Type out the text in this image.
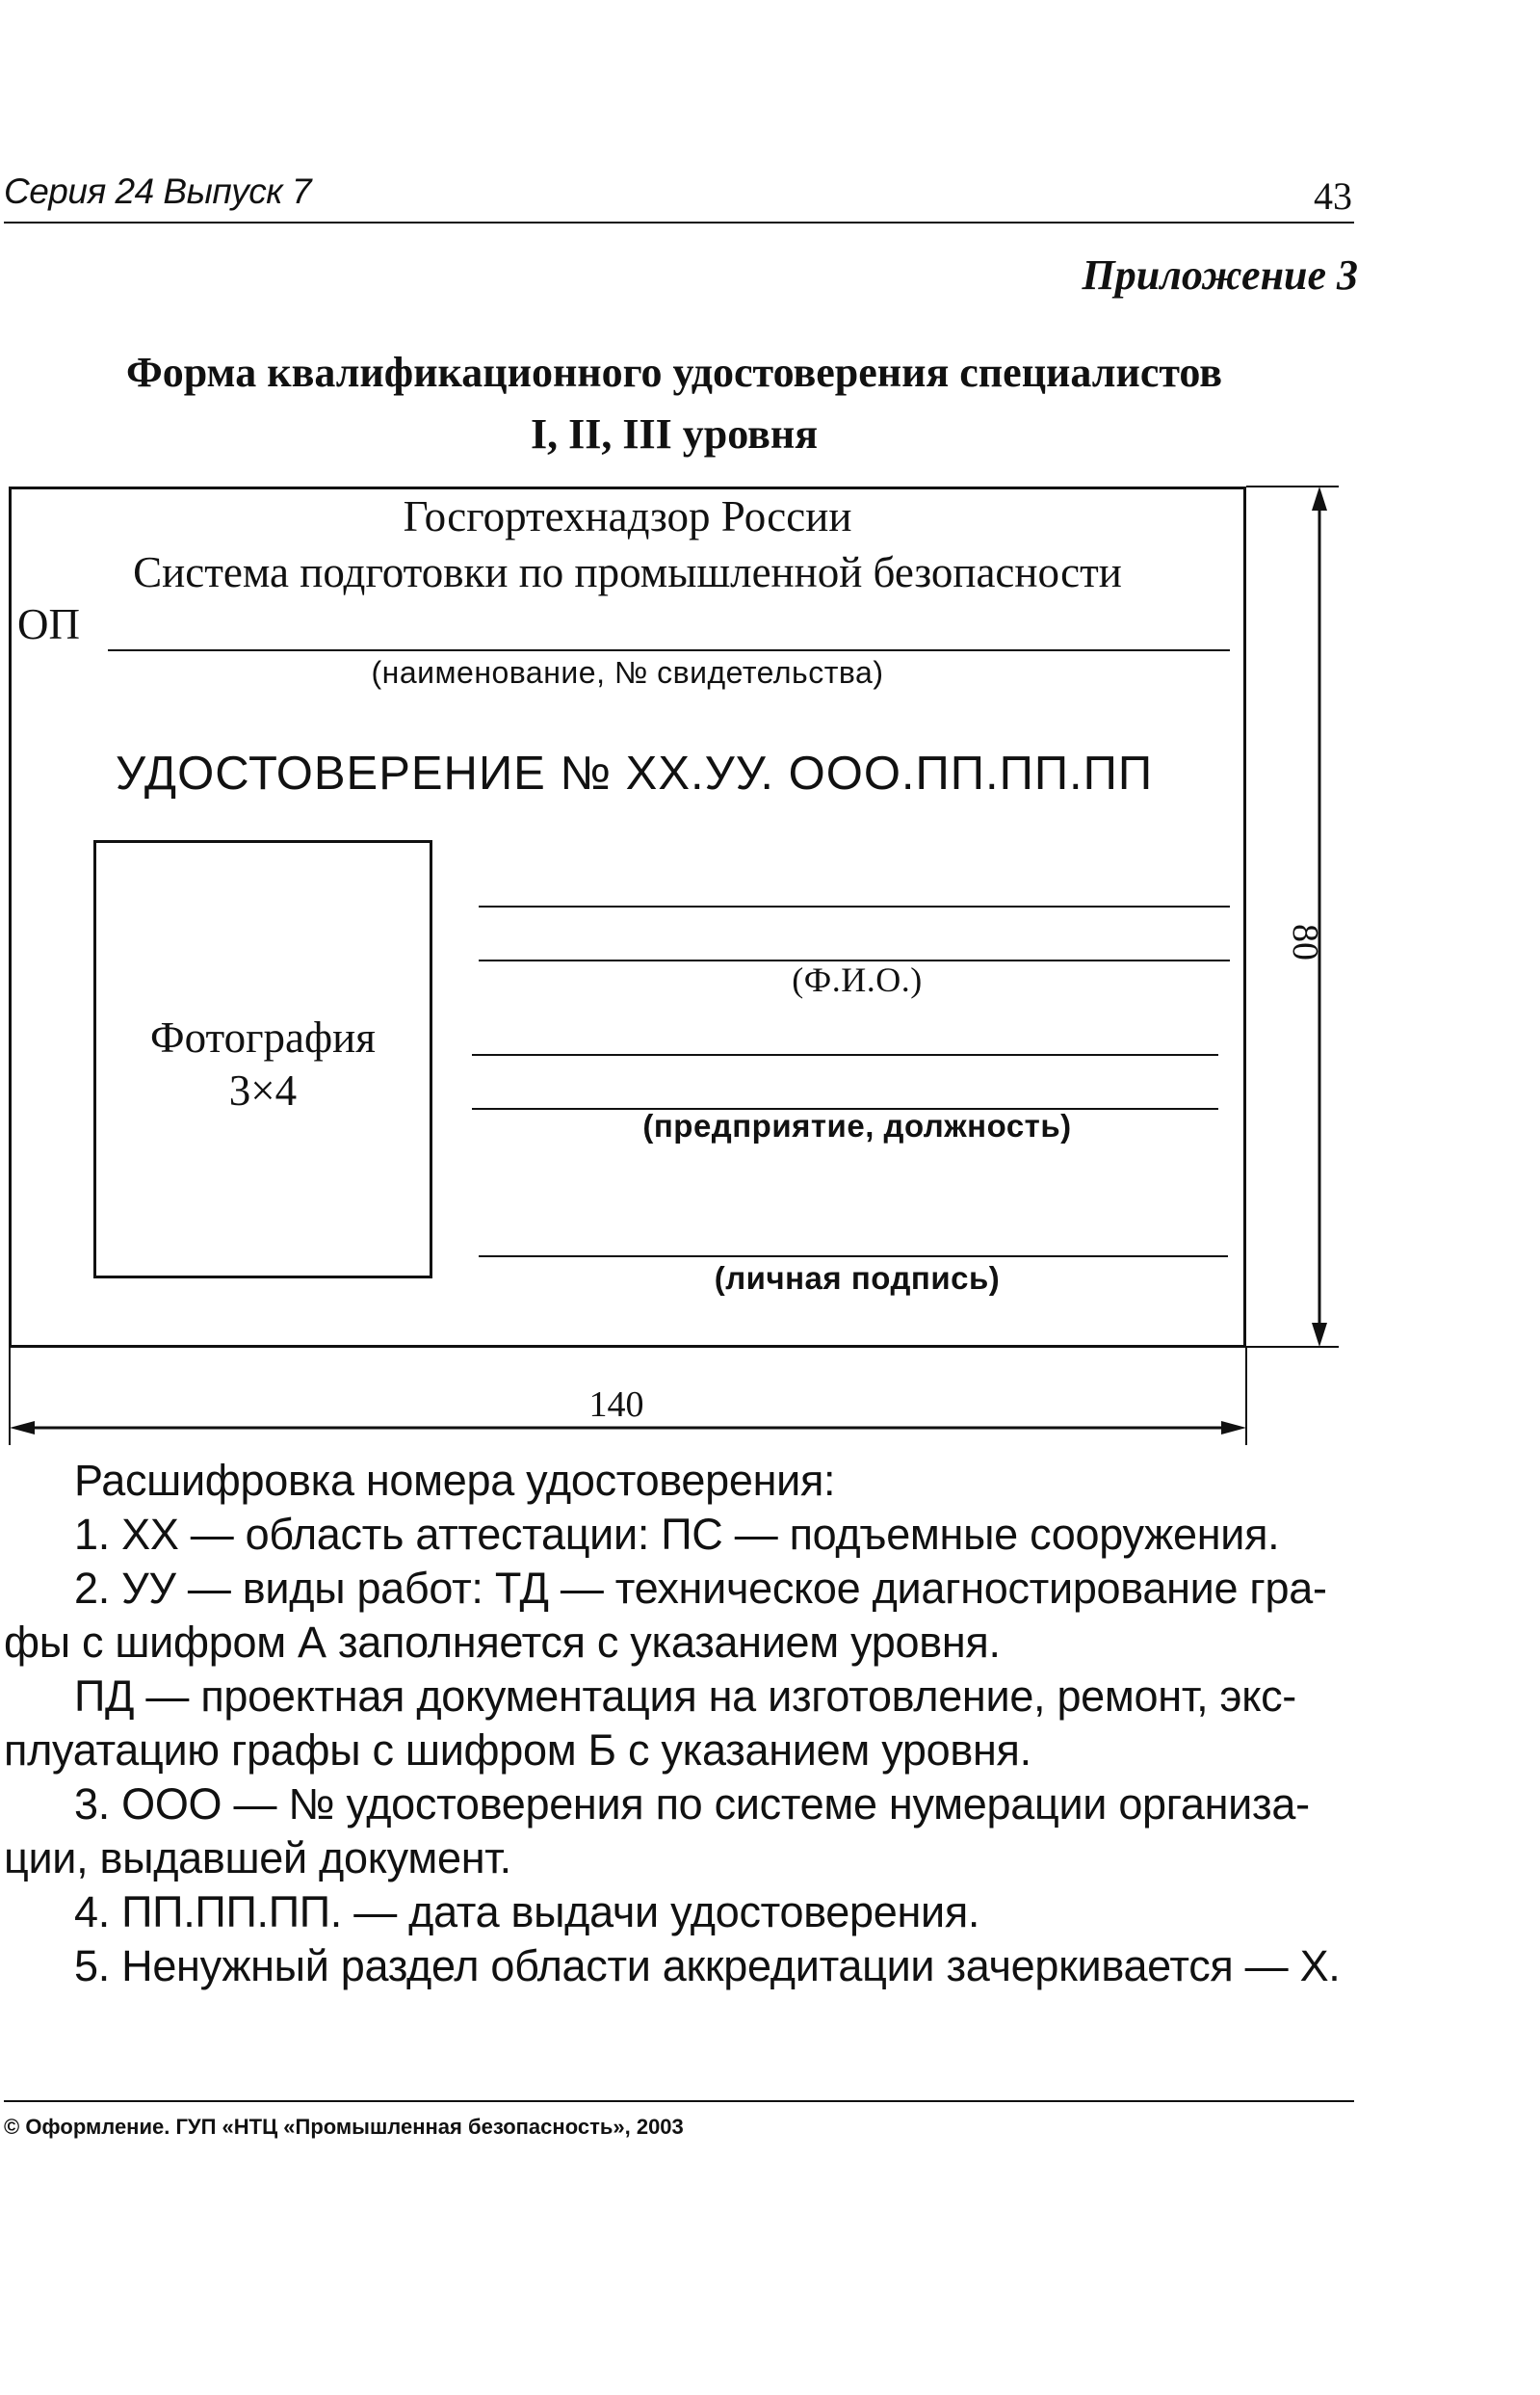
Серия 24 Выпуск 7	43
Приложение 3
Форма квалификационного удостоверения специалистов
I, II, III уровня
Госгортехнадзор России
Система подготовки по промышленной безопасности
ОП
(наименование, № свидетельства)
УДОСТОВЕРЕНИЕ № ХХ.УУ. ООО.ПП.ПП.ПП
Фотография
3×4
(Ф.И.О.)
(предприятие, должность)
(личная подпись)
80
140
Расшифровка номера удостоверения:
1. ХХ — область аттестации: ПС — подъемные сооружения.
2. УУ — виды работ: ТД — техническое диагностирование гра-
фы с шифром А заполняется с указанием уровня.
ПД — проектная документация на изготовление, ремонт, экс-
плуатацию графы с шифром Б с указанием уровня.
3. ООО — № удостоверения по системе нумерации организа-
ции, выдавшей документ.
4. ПП.ПП.ПП. — дата выдачи удостоверения.
5. Ненужный раздел области аккредитации зачеркивается — Х.
© Оформление. ГУП «НТЦ «Промышленная безопасность», 2003
